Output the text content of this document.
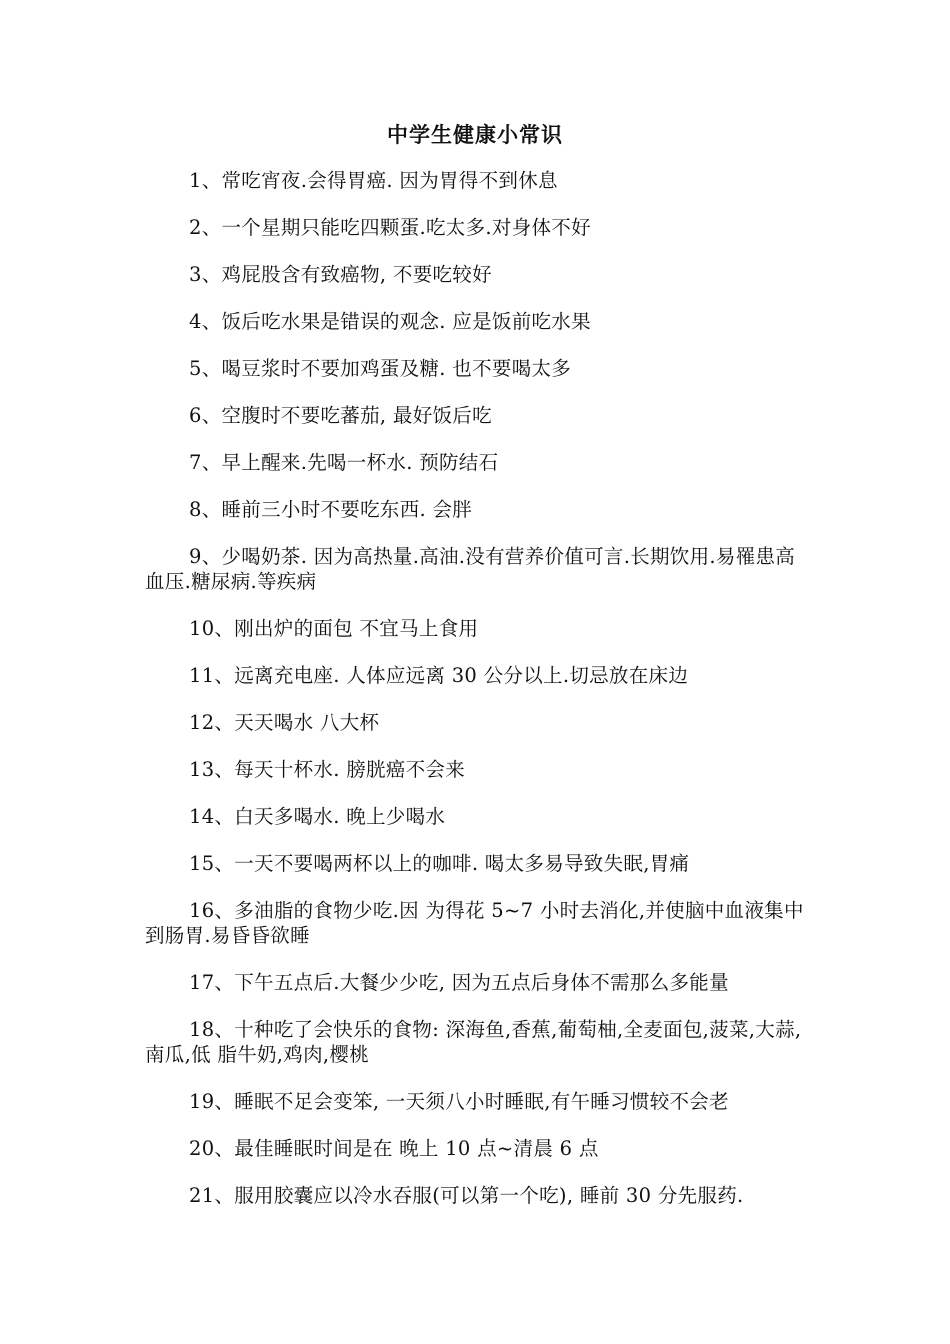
中学生健康小常识

1、常吃宵夜.会得胃癌. 因为胃得不到休息

2、一个星期只能吃四颗蛋.吃太多.对身体不好

3、鸡屁股含有致癌物, 不要吃较好

4、饭后吃水果是错误的观念. 应是饭前吃水果

5、喝豆浆时不要加鸡蛋及糖. 也不要喝太多

6、空腹时不要吃蕃茄, 最好饭后吃

7、早上醒来.先喝一杯水. 预防结石

8、睡前三小时不要吃东西. 会胖

9、少喝奶茶. 因为高热量.高油.没有营养价值可言.长期饮用.易罹患高血压.糖尿病.等疾病

10、刚出炉的面包 不宜马上食用

11、远离充电座. 人体应远离 30 公分以上.切忌放在床边

12、天天喝水 八大杯

13、每天十杯水. 膀胱癌不会来

14、白天多喝水. 晚上少喝水

15、一天不要喝两杯以上的咖啡. 喝太多易导致失眠,胃痛

16、多油脂的食物少吃.因 为得花 5~7 小时去消化,并使脑中血液集中到肠胃.易昏昏欲睡

17、下午五点后.大餐少少吃, 因为五点后身体不需那么多能量

18、十种吃了会快乐的食物: 深海鱼,香蕉,葡萄柚,全麦面包,菠菜,大蒜,南瓜,低 脂牛奶,鸡肉,樱桃

19、睡眠不足会变笨, 一天须八小时睡眠,有午睡习惯较不会老

20、最佳睡眠时间是在 晚上 10 点~清晨 6 点

21、服用胶囊应以冷水吞服(可以第一个吃), 睡前 30 分先服药.
